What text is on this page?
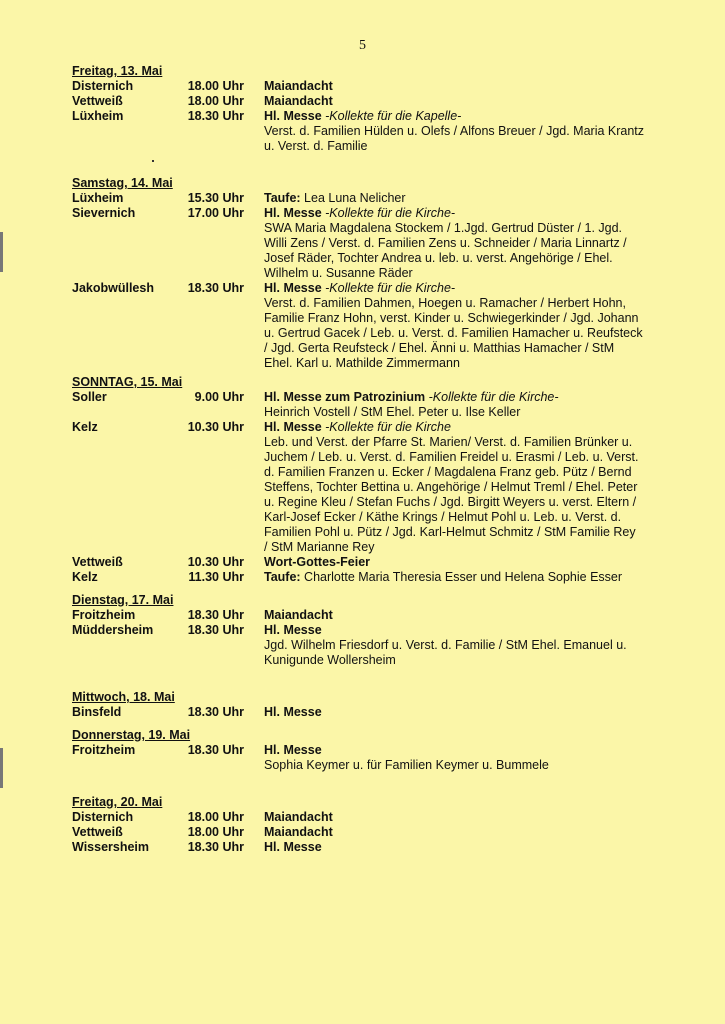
5
Freitag, 13. Mai
Disternich	18.00 Uhr Maiandacht
Vettweiß	18.00 Uhr Maiandacht
Lüxheim	18.30 Uhr Hl. Messe -Kollekte für die Kapelle-
Verst. d. Familien Hülden u. Olefs / Alfons Breuer / Jgd. Maria Krantz
u. Verst. d. Familie
Samstag, 14. Mai
Lüxheim	15.30 Uhr Taufe: Lea Luna Nelicher
Sievernich	17.00 Uhr Hl. Messe -Kollekte für die Kirche-
SWA Maria Magdalena Stockem / 1.Jgd. Gertrud Düster / 1. Jgd.
Willi Zens / Verst. d. Familien Zens u. Schneider / Maria Linnartz /
Josef Räder, Tochter Andrea u. leb. u. verst. Angehörige / Ehel.
Wilhelm u. Susanne Räder
Jakobwüllesh	18.30 Uhr Hl. Messe -Kollekte für die Kirche-
Verst. d. Familien Dahmen, Hoegen u. Ramacher / Herbert Hohn,
Familie Franz Hohn, verst. Kinder u. Schwiegerkinder / Jgd. Johann
u. Gertrud Gacek / Leb. u. Verst. d. Familien Hamacher u. Reufsteck
/ Jgd. Gerta Reufsteck / Ehel. Änni u. Matthias Hamacher / StM
Ehel. Karl u. Mathilde Zimmermann
SONNTAG, 15. Mai
Soller	9.00 Uhr Hl. Messe zum Patrozinium -Kollekte für die Kirche-
Heinrich Vostell / StM Ehel. Peter u. Ilse Keller
Kelz	10.30 Uhr Hl. Messe -Kollekte für die Kirche
Leb. und Verst. der Pfarre St. Marien/ Verst. d. Familien Brünker u.
Juchem / Leb. u. Verst. d. Familien Freidel u. Erasmi / Leb. u. Verst.
d. Familien Franzen u. Ecker / Magdalena Franz geb. Pütz / Bernd
Steffens, Tochter Bettina u. Angehörige / Helmut Treml / Ehel. Peter
u. Regine Kleu / Stefan Fuchs / Jgd. Birgitt Weyers u. verst. Eltern /
Karl-Josef Ecker / Käthe Krings / Helmut Pohl u. Leb. u. Verst. d.
Familien Pohl u. Pütz / Jgd. Karl-Helmut Schmitz / StM Familie Rey
/ StM Marianne Rey
Vettweiß	10.30 Uhr Wort-Gottes-Feier
Kelz	11.30 Uhr Taufe: Charlotte Maria Theresia Esser und Helena Sophie Esser
Dienstag, 17. Mai
Froitzheim	18.30 Uhr Maiandacht
Müddersheim	18.30 Uhr Hl. Messe
Jgd. Wilhelm Friesdorf u. Verst. d. Familie / StM Ehel. Emanuel u.
Kunigunde Wollersheim
Mittwoch, 18. Mai
Binsfeld	18.30 Uhr Hl. Messe
Donnerstag, 19. Mai
Froitzheim	18.30 Uhr Hl. Messe
Sophia Keymer u. für Familien Keymer u. Bummele
Freitag, 20. Mai
Disternich	18.00 Uhr Maiandacht
Vettweiß	18.00 Uhr Maiandacht
Wissersheim	18.30 Uhr Hl. Messe
